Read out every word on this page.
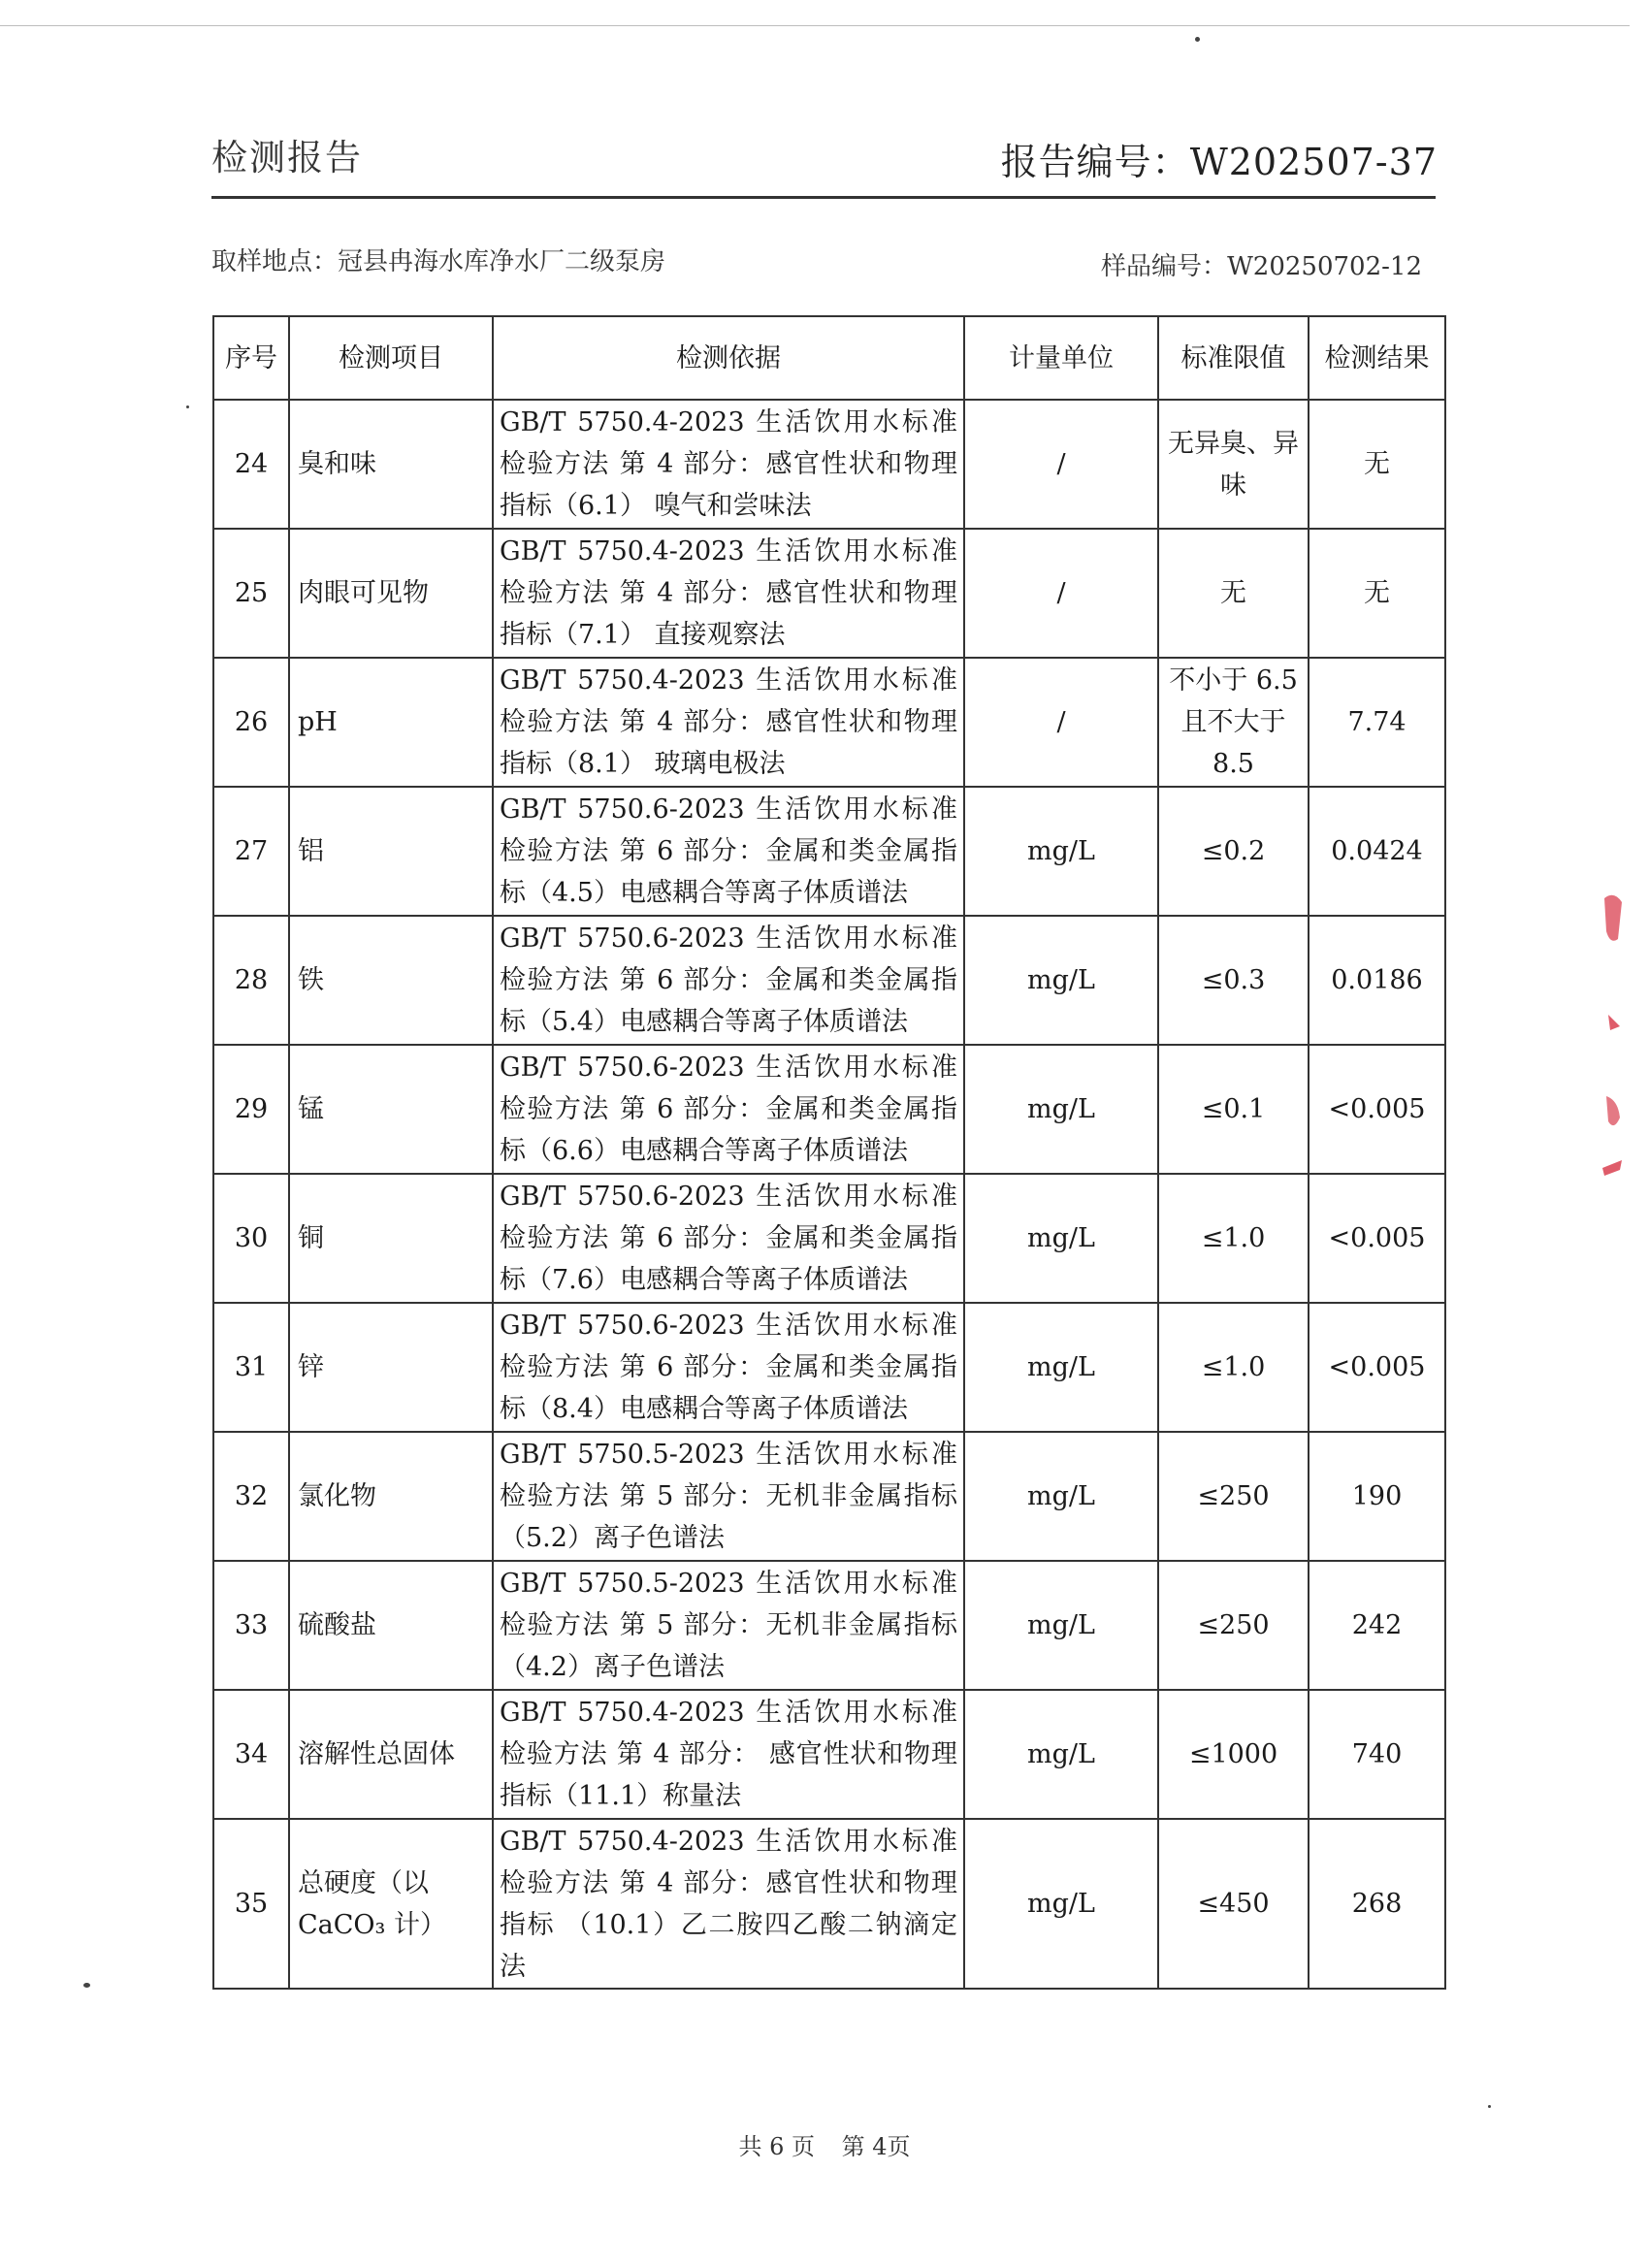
检测报告	报告编号：W202507-37
取样地点：冠县冉海水库净水厂二级泵房	样品编号：W20250702-12
序号	检测项目	检测依据	计量单位	标准限值	检测结果
24	臭和味	GB/T 5750.4-2023 生活饮用水标准检验方法 第 4 部分：感官性状和物理指标（6.1） 嗅气和尝味法	/	无异臭、异味	无
25	肉眼可见物	GB/T 5750.4-2023 生活饮用水标准检验方法 第 4 部分：感官性状和物理指标（7.1） 直接观察法	/	无	无
26	pH	GB/T 5750.4-2023 生活饮用水标准检验方法 第 4 部分：感官性状和物理指标（8.1） 玻璃电极法	/	不小于 6.5 且不大于 8.5	7.74
27	铝	GB/T 5750.6-2023 生活饮用水标准检验方法 第 6 部分：金属和类金属指标（4.5）电感耦合等离子体质谱法	mg/L	≤0.2	0.0424
28	铁	GB/T 5750.6-2023 生活饮用水标准检验方法 第 6 部分：金属和类金属指标（5.4）电感耦合等离子体质谱法	mg/L	≤0.3	0.0186
29	锰	GB/T 5750.6-2023 生活饮用水标准检验方法 第 6 部分：金属和类金属指标（6.6）电感耦合等离子体质谱法	mg/L	≤0.1	<0.005
30	铜	GB/T 5750.6-2023 生活饮用水标准检验方法 第 6 部分：金属和类金属指标（7.6）电感耦合等离子体质谱法	mg/L	≤1.0	<0.005
31	锌	GB/T 5750.6-2023 生活饮用水标准检验方法 第 6 部分：金属和类金属指标（8.4）电感耦合等离子体质谱法	mg/L	≤1.0	<0.005
32	氯化物	GB/T 5750.5-2023 生活饮用水标准检验方法 第 5 部分：无机非金属指标（5.2）离子色谱法	mg/L	≤250	190
33	硫酸盐	GB/T 5750.5-2023 生活饮用水标准检验方法 第 5 部分：无机非金属指标（4.2）离子色谱法	mg/L	≤250	242
34	溶解性总固体	GB/T 5750.4-2023 生活饮用水标准检验方法 第 4 部分： 感官性状和物理指标（11.1）称量法	mg/L	≤1000	740
35	总硬度（以 CaCO₃ 计）	GB/T 5750.4-2023 生活饮用水标准检验方法 第 4 部分：感官性状和物理指标 （10.1）乙二胺四乙酸二钠滴定法	mg/L	≤450	268
共 6 页 第 4页
